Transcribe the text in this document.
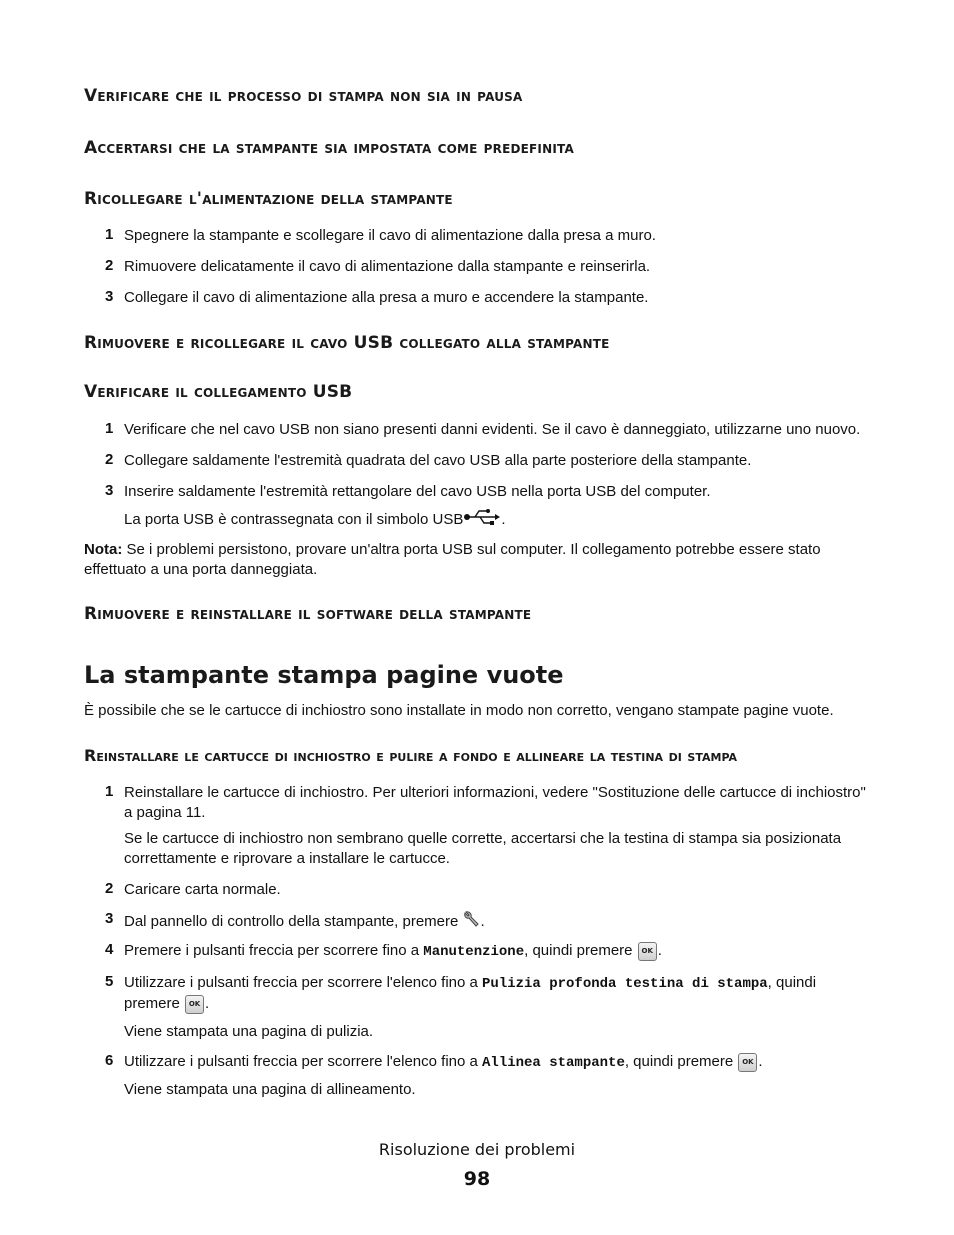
Verificare che il processo di stampa non sia in pausa
Accertarsi che la stampante sia impostata come predefinita
Ricollegare l'alimentazione della stampante
1 Spegnere la stampante e scollegare il cavo di alimentazione dalla presa a muro.
2 Rimuovere delicatamente il cavo di alimentazione dalla stampante e reinserirla.
3 Collegare il cavo di alimentazione alla presa a muro e accendere la stampante.
Rimuovere e ricollegare il cavo USB collegato alla stampante
Verificare il collegamento USB
1 Verificare che nel cavo USB non siano presenti danni evidenti. Se il cavo è danneggiato, utilizzarne uno nuovo.
2 Collegare saldamente l'estremità quadrata del cavo USB alla parte posteriore della stampante.
3 Inserire saldamente l'estremità rettangolare del cavo USB nella porta USB del computer.
La porta USB è contrassegnata con il simbolo USB	.
Nota: Se i problemi persistono, provare un'altra porta USB sul computer. Il collegamento potrebbe essere stato effettuato a una porta danneggiata.
Rimuovere e reinstallare il software della stampante
La stampante stampa pagine vuote
È possibile che se le cartucce di inchiostro sono installate in modo non corretto, vengano stampate pagine vuote.
Reinstallare le cartucce di inchiostro e pulire a fondo e allineare la testina di stampa
1 Reinstallare le cartucce di inchiostro. Per ulteriori informazioni, vedere "Sostituzione delle cartucce di inchiostro" a pagina 11.
Se le cartucce di inchiostro non sembrano quelle corrette, accertarsi che la testina di stampa sia posizionata correttamente e riprovare a installare le cartucce.
2 Caricare carta normale.
3 Dal pannello di controllo della stampante, premere .
4 Premere i pulsanti freccia per scorrere fino a Manutenzione, quindi premere OK .
5 Utilizzare i pulsanti freccia per scorrere l'elenco fino a Pulizia profonda testina di stampa, quindi premere OK .
Viene stampata una pagina di pulizia.
6 Utilizzare i pulsanti freccia per scorrere l'elenco fino a Allinea stampante, quindi premere OK .
Viene stampata una pagina di allineamento.
Risoluzione dei problemi
98
